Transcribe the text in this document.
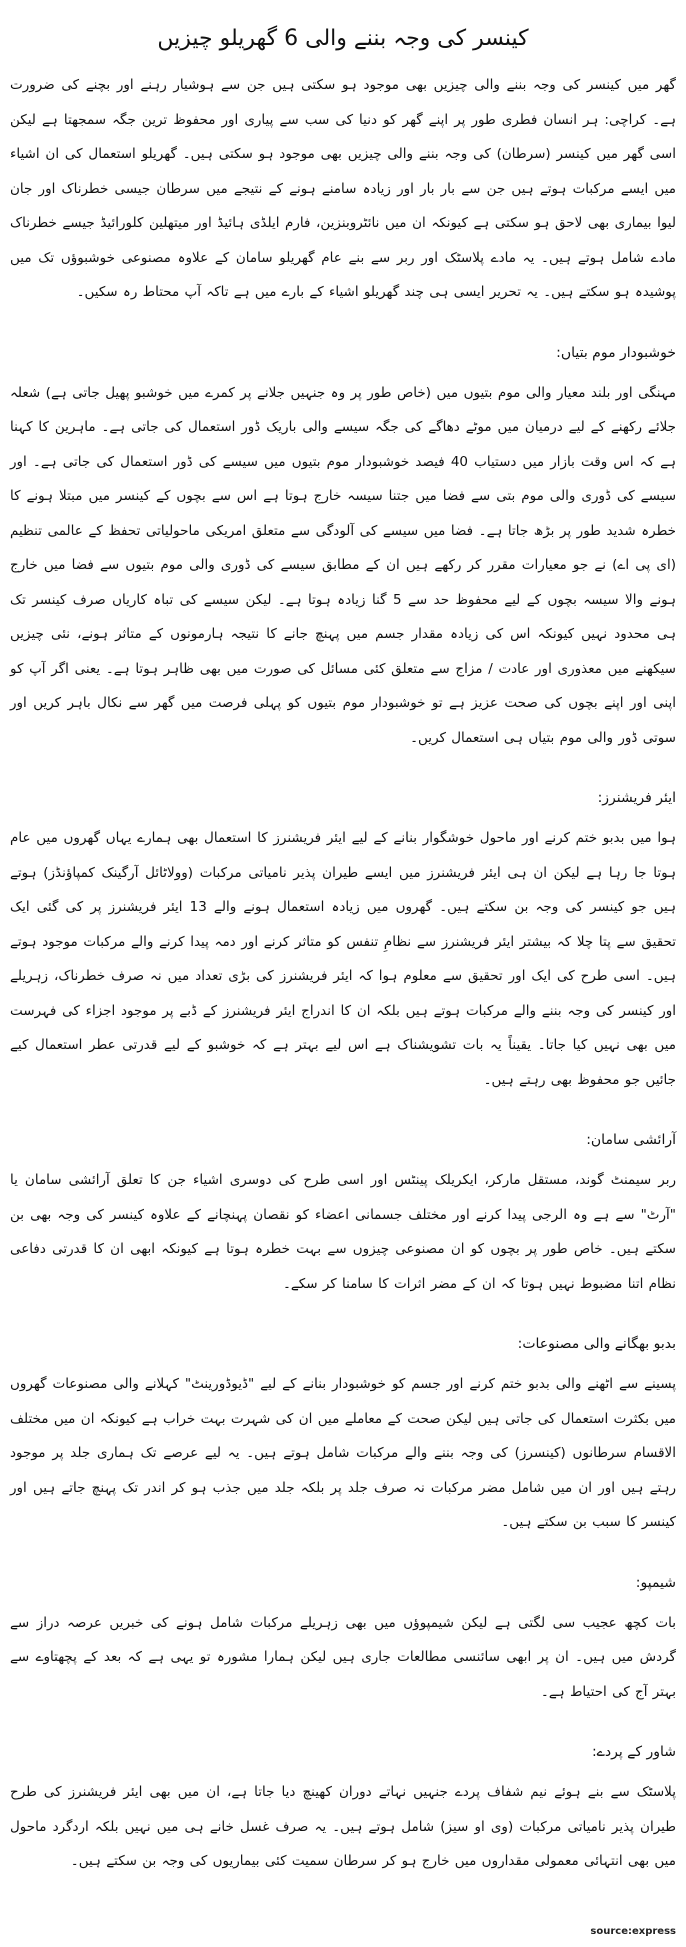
کینسر کی وجہ بننے والی 6 گھریلو چیزیں

گھر میں کینسر کی وجہ بننے والی چیزیں بھی موجود ہو سکتی ہیں جن سے ہوشیار رہنے اور بچنے کی ضرورت ہے۔ کراچی: ہر انسان فطری طور پر اپنے گھر کو دنیا کی سب سے پیاری اور محفوظ ترین جگہ سمجھتا ہے لیکن اسی گھر میں کینسر (سرطان) کی وجہ بننے والی چیزیں بھی موجود ہو سکتی ہیں۔ گھریلو استعمال کی ان اشیاء میں ایسے مرکبات ہوتے ہیں جن سے بار بار اور زیادہ سامنے ہونے کے نتیجے میں سرطان جیسی خطرناک اور جان لیوا بیماری بھی لاحق ہو سکتی ہے کیونکہ ان میں نائٹروبنزین، فارم ایلڈی ہائیڈ اور میتھلین کلورائیڈ جیسے خطرناک مادے شامل ہوتے ہیں۔ یہ مادے پلاسٹک اور ربر سے بنے عام گھریلو سامان کے علاوہ مصنوعی خوشبوؤں تک میں پوشیدہ ہو سکتے ہیں۔ یہ تحریر ایسی ہی چند گھریلو اشیاء کے بارے میں ہے تاکہ آپ محتاط رہ سکیں۔

خوشبودار موم بتیاں:

مہنگی اور بلند معیار والی موم بتیوں میں (خاص طور پر وہ جنہیں جلانے پر کمرے میں خوشبو پھیل جاتی ہے) شعلہ جلائے رکھنے کے لیے درمیان میں موٹے دھاگے کی جگہ سیسے والی باریک ڈور استعمال کی جاتی ہے۔ ماہرین کا کہنا ہے کہ اس وقت بازار میں دستیاب 40 فیصد خوشبودار موم بتیوں میں سیسے کی ڈور استعمال کی جاتی ہے۔ اور سیسے کی ڈوری والی موم بتی سے فضا میں جتنا سیسہ خارج ہوتا ہے اس سے بچوں کے کینسر میں مبتلا ہونے کا خطرہ شدید طور پر بڑھ جاتا ہے۔ فضا میں سیسے کی آلودگی سے متعلق امریکی ماحولیاتی تحفظ کے عالمی تنظیم (ای پی اے) نے جو معیارات مقرر کر رکھے ہیں ان کے مطابق سیسے کی ڈوری والی موم بتیوں سے فضا میں خارج ہونے والا سیسہ بچوں کے لیے محفوظ حد سے 5 گنا زیادہ ہوتا ہے۔ لیکن سیسے کی تباہ کاریاں صرف کینسر تک ہی محدود نہیں کیونکہ اس کی زیادہ مقدار جسم میں پہنچ جانے کا نتیجہ ہارمونوں کے متاثر ہونے، نئی چیزیں سیکھنے میں معذوری اور عادت / مزاج سے متعلق کئی مسائل کی صورت میں بھی ظاہر ہوتا ہے۔ یعنی اگر آپ کو اپنی اور اپنے بچوں کی صحت عزیز ہے تو خوشبودار موم بتیوں کو پہلی فرصت میں گھر سے نکال باہر کریں اور سوتی ڈور والی موم بتیاں ہی استعمال کریں۔

ایئر فریشنرز:

ہوا میں بدبو ختم کرنے اور ماحول خوشگوار بنانے کے لیے ایئر فریشنرز کا استعمال بھی ہمارے یہاں گھروں میں عام ہوتا جا رہا ہے لیکن ان ہی ایئر فریشنرز میں ایسے طیران پذیر نامیاتی مرکبات (وولاٹائل آرگینک کمپاؤنڈز) ہوتے ہیں جو کینسر کی وجہ بن سکتے ہیں۔ گھروں میں زیادہ استعمال ہونے والے 13 ایئر فریشنرز پر کی گئی ایک تحقیق سے پتا چلا کہ بیشتر ایئر فریشنرز سے نظامِ تنفس کو متاثر کرنے اور دمہ پیدا کرنے والے مرکبات موجود ہوتے ہیں۔ اسی طرح کی ایک اور تحقیق سے معلوم ہوا کہ ایئر فریشنرز کی بڑی تعداد میں نہ صرف خطرناک، زہریلے اور کینسر کی وجہ بننے والے مرکبات ہوتے ہیں بلکہ ان کا اندراج ایئر فریشنرز کے ڈبے پر موجود اجزاء کی فہرست میں بھی نہیں کیا جاتا۔ یقیناً یہ بات تشویشناک ہے اس لیے بہتر ہے کہ خوشبو کے لیے قدرتی عطر استعمال کیے جائیں جو محفوظ بھی رہتے ہیں۔

آرائشی سامان:

ربر سیمنٹ گوند، مستقل مارکر، ایکریلک پینٹس اور اسی طرح کی دوسری اشیاء جن کا تعلق آرائشی سامان یا "آرٹ" سے ہے وہ الرجی پیدا کرنے اور مختلف جسمانی اعضاء کو نقصان پہنچانے کے علاوہ کینسر کی وجہ بھی بن سکتے ہیں۔ خاص طور پر بچوں کو ان مصنوعی چیزوں سے بہت خطرہ ہوتا ہے کیونکہ ابھی ان کا قدرتی دفاعی نظام اتنا مضبوط نہیں ہوتا کہ ان کے مضر اثرات کا سامنا کر سکے۔

بدبو بھگانے والی مصنوعات:

پسینے سے اٹھنے والی بدبو ختم کرنے اور جسم کو خوشبودار بنانے کے لیے "ڈیوڈورینٹ" کہلانے والی مصنوعات گھروں میں بکثرت استعمال کی جاتی ہیں لیکن صحت کے معاملے میں ان کی شہرت بہت خراب ہے کیونکہ ان میں مختلف الاقسام سرطانوں (کینسرز) کی وجہ بننے والے مرکبات شامل ہوتے ہیں۔ یہ لیے عرصے تک ہماری جلد پر موجود رہتے ہیں اور ان میں شامل مضر مرکبات نہ صرف جلد پر بلکہ جلد میں جذب ہو کر اندر تک پہنچ جاتے ہیں اور کینسر کا سبب بن سکتے ہیں۔

شیمپو:

بات کچھ عجیب سی لگتی ہے لیکن شیمپوؤں میں بھی زہریلے مرکبات شامل ہونے کی خبریں عرصہ دراز سے گردش میں ہیں۔ ان پر ابھی سائنسی مطالعات جاری ہیں لیکن ہمارا مشورہ تو یہی ہے کہ بعد کے پچھتاوے سے بہتر آج کی احتیاط ہے۔

شاور کے پردے:

پلاسٹک سے بنے ہوئے نیم شفاف پردے جنہیں نہاتے دوران کھینچ دیا جاتا ہے، ان میں بھی ایئر فریشنرز کی طرح طیران پذیر نامیاتی مرکبات (وی او سیز) شامل ہوتے ہیں۔ یہ صرف غسل خانے ہی میں نہیں بلکہ اردگرد ماحول میں بھی انتہائی معمولی مقداروں میں خارج ہو کر سرطان سمیت کئی بیماریوں کی وجہ بن سکتے ہیں۔

source:express
